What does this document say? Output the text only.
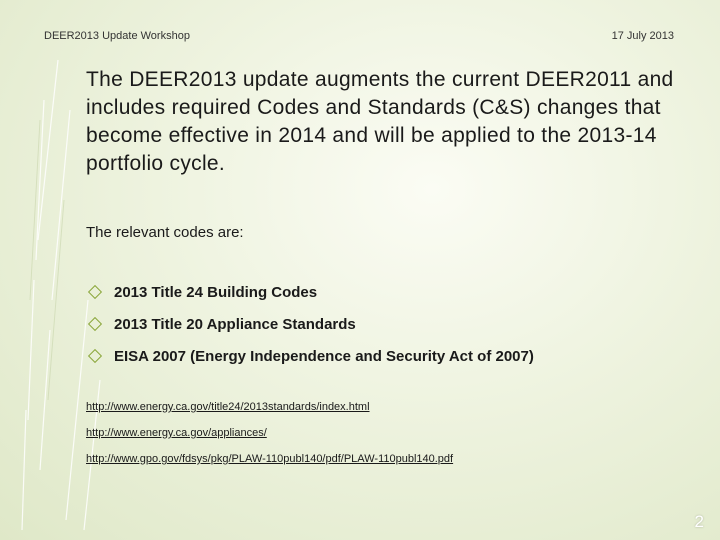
DEER2013 Update Workshop	17 July 2013

The DEER2013 update augments the current DEER2011 and includes required Codes and Standards (C&S) changes that become effective in 2014 and will be applied to the 2013-14 portfolio cycle.

The relevant codes are:

2013 Title 24 Building Codes
2013 Title 20 Appliance Standards
EISA 2007 (Energy Independence and Security Act of 2007)
http://www.energy.ca.gov/title24/2013standards/index.html
http://www.energy.ca.gov/appliances/
http://www.gpo.gov/fdsys/pkg/PLAW-110publ140/pdf/PLAW-110publ140.pdf
2
